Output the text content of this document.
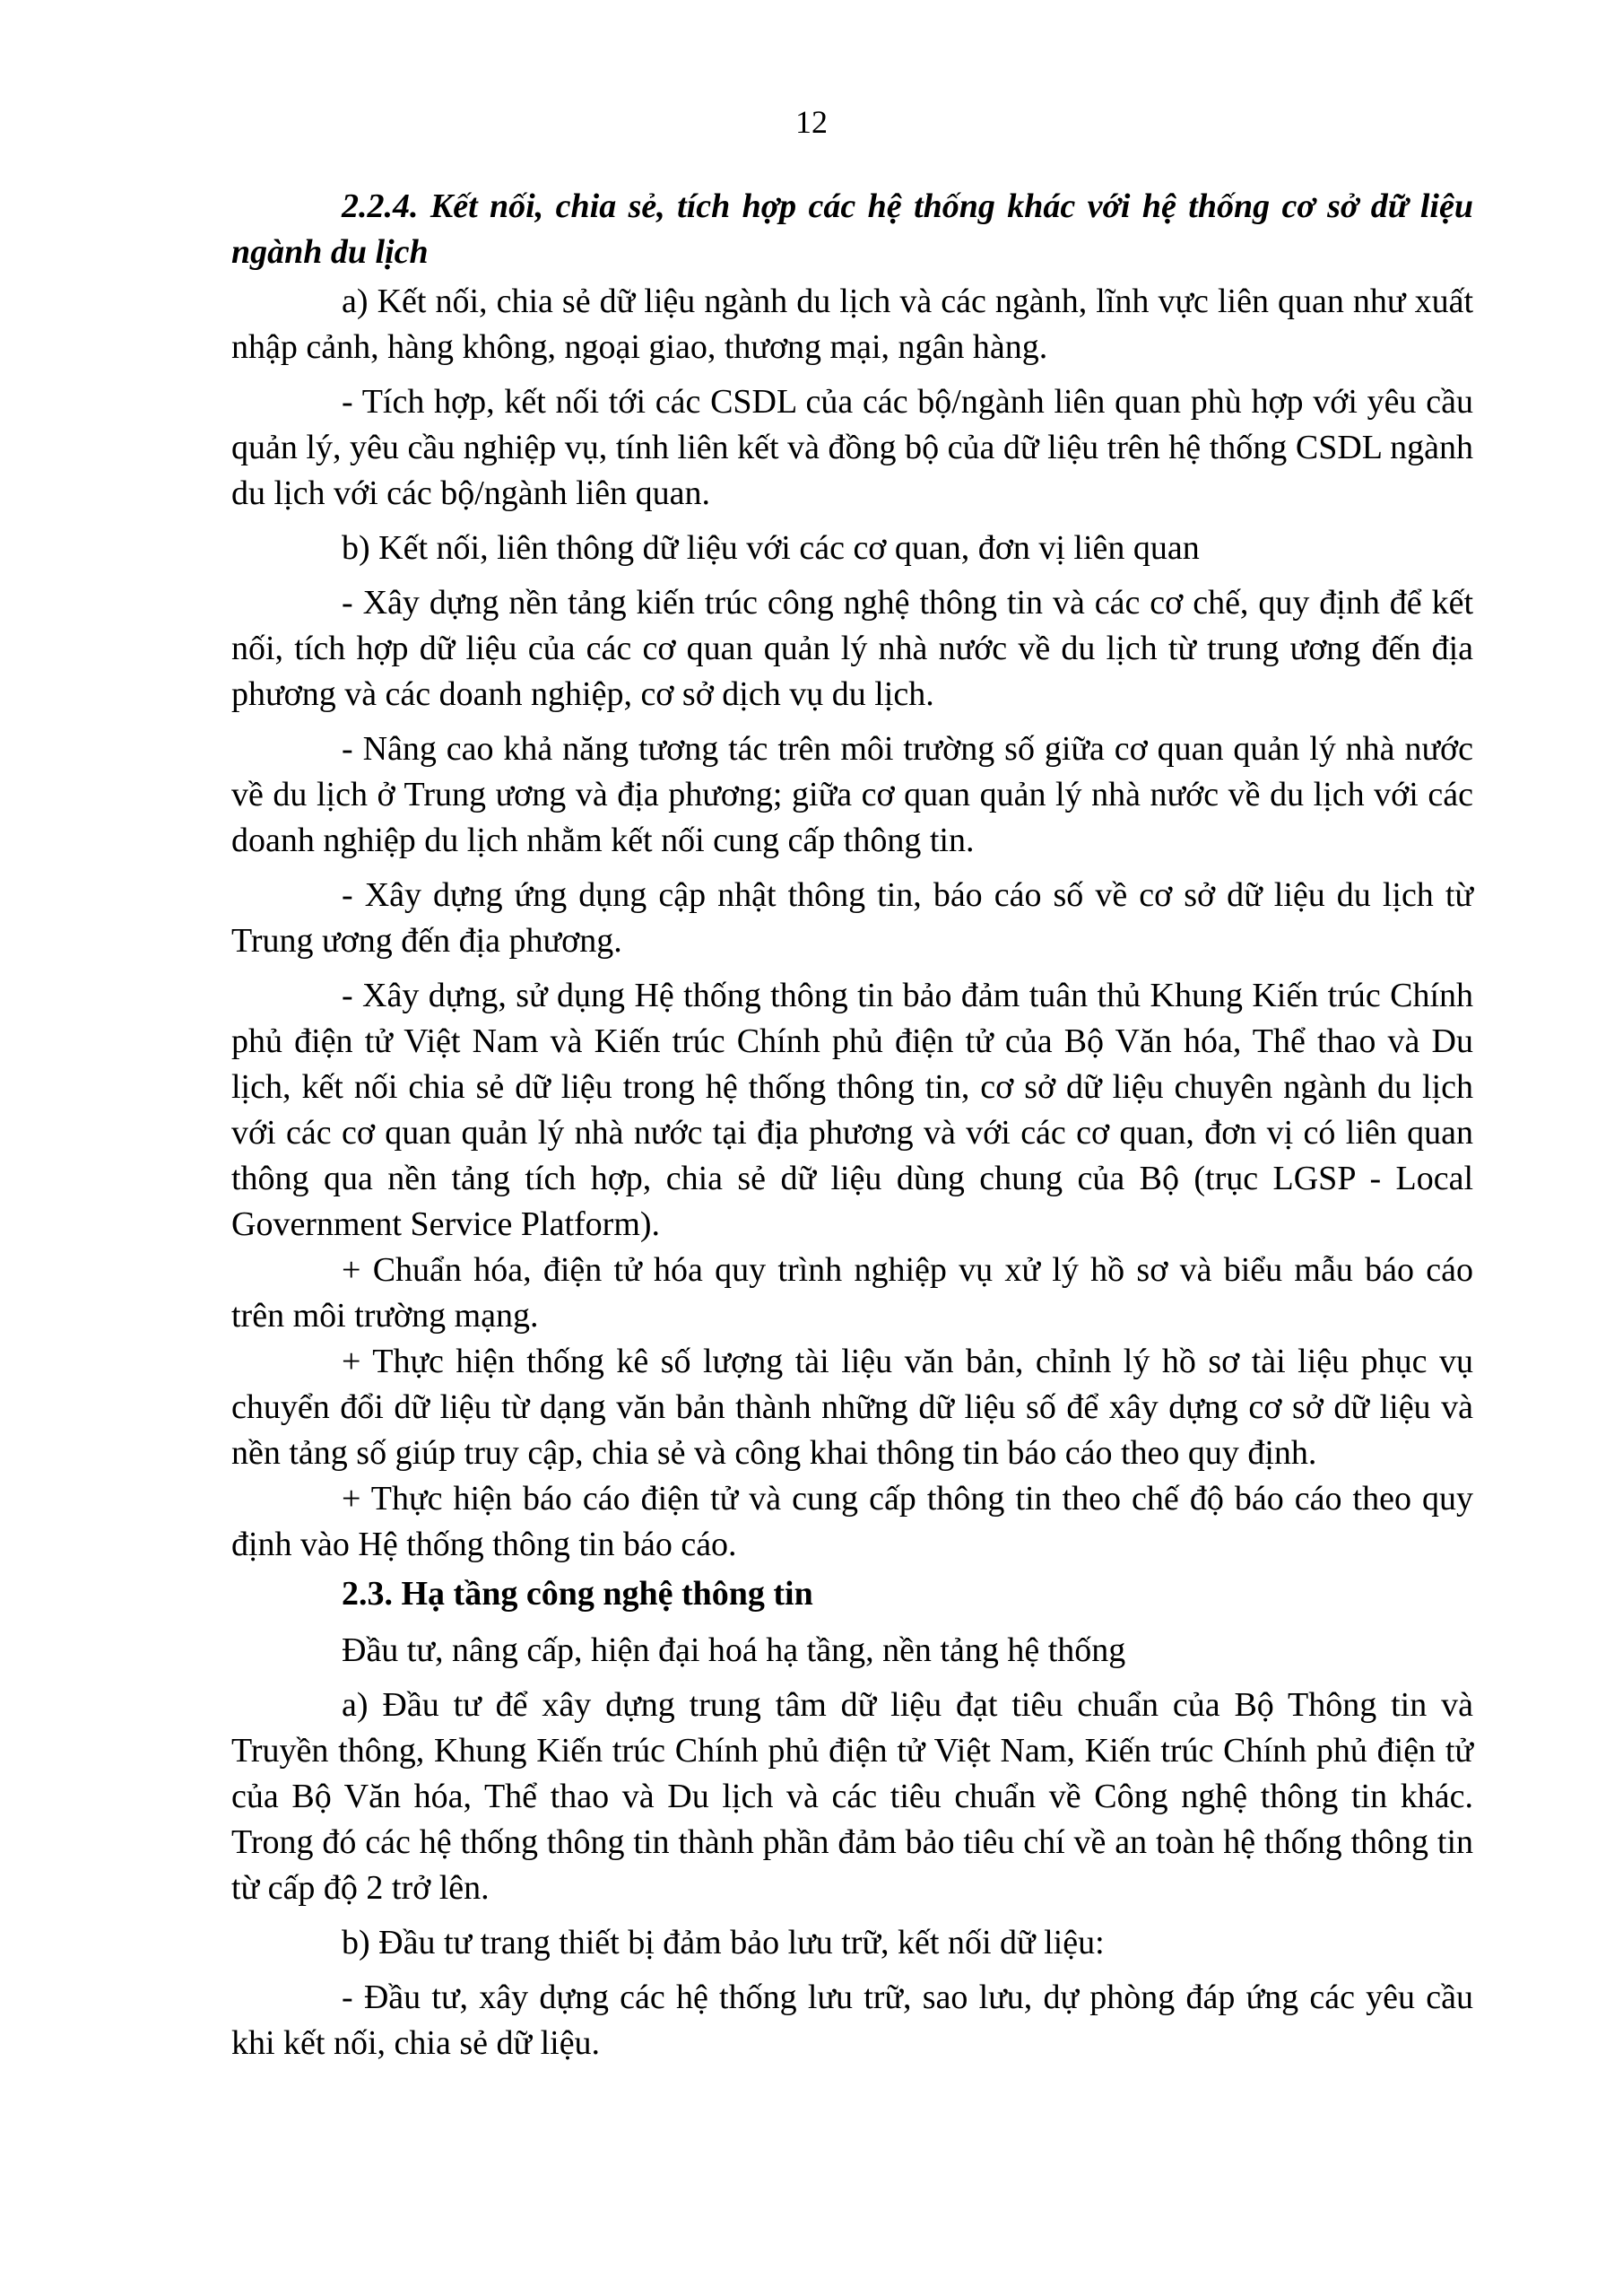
12

2.2.4. Kết nối, chia sẻ, tích hợp các hệ thống khác với hệ thống cơ sở dữ liệu ngành du lịch

a) Kết nối, chia sẻ dữ liệu ngành du lịch và các ngành, lĩnh vực liên quan như xuất nhập cảnh, hàng không, ngoại giao, thương mại, ngân hàng.

- Tích hợp, kết nối tới các CSDL của các bộ/ngành liên quan phù hợp với yêu cầu quản lý, yêu cầu nghiệp vụ, tính liên kết và đồng bộ của dữ liệu trên hệ thống CSDL ngành du lịch với các bộ/ngành liên quan.

b) Kết nối, liên thông dữ liệu với các cơ quan, đơn vị liên quan

- Xây dựng nền tảng kiến trúc công nghệ thông tin và các cơ chế, quy định để kết nối, tích hợp dữ liệu của các cơ quan quản lý nhà nước về du lịch từ trung ương đến địa phương và các doanh nghiệp, cơ sở dịch vụ du lịch.

- Nâng cao khả năng tương tác trên môi trường số giữa cơ quan quản lý nhà nước về du lịch ở Trung ương và địa phương; giữa cơ quan quản lý nhà nước về du lịch với các doanh nghiệp du lịch nhằm kết nối cung cấp thông tin.

- Xây dựng ứng dụng cập nhật thông tin, báo cáo số về cơ sở dữ liệu du lịch từ Trung ương đến địa phương.

- Xây dựng, sử dụng Hệ thống thông tin bảo đảm tuân thủ Khung Kiến trúc Chính phủ điện tử Việt Nam và Kiến trúc Chính phủ điện tử của Bộ Văn hóa, Thể thao và Du lịch, kết nối chia sẻ dữ liệu trong hệ thống thông tin, cơ sở dữ liệu chuyên ngành du lịch với các cơ quan quản lý nhà nước tại địa phương và với các cơ quan, đơn vị có liên quan thông qua nền tảng tích hợp, chia sẻ dữ liệu dùng chung của Bộ (trục LGSP - Local Government Service Platform).

+ Chuẩn hóa, điện tử hóa quy trình nghiệp vụ xử lý hồ sơ và biểu mẫu báo cáo trên môi trường mạng.

+ Thực hiện thống kê số lượng tài liệu văn bản, chỉnh lý hồ sơ tài liệu phục vụ chuyển đổi dữ liệu từ dạng văn bản thành những dữ liệu số để xây dựng cơ sở dữ liệu và nền tảng số giúp truy cập, chia sẻ và công khai thông tin báo cáo theo quy định.

+ Thực hiện báo cáo điện tử và cung cấp thông tin theo chế độ báo cáo theo quy định vào Hệ thống thông tin báo cáo.

2.3. Hạ tầng công nghệ thông tin

Đầu tư, nâng cấp, hiện đại hoá hạ tầng, nền tảng hệ thống

a) Đầu tư để xây dựng trung tâm dữ liệu đạt tiêu chuẩn của Bộ Thông tin và Truyền thông, Khung Kiến trúc Chính phủ điện tử Việt Nam, Kiến trúc Chính phủ điện tử của Bộ Văn hóa, Thể thao và Du lịch và các tiêu chuẩn về Công nghệ thông tin khác. Trong đó các hệ thống thông tin thành phần đảm bảo tiêu chí về an toàn hệ thống thông tin từ cấp độ 2 trở lên.

b) Đầu tư trang thiết bị đảm bảo lưu trữ, kết nối dữ liệu:

- Đầu tư, xây dựng các hệ thống lưu trữ, sao lưu, dự phòng đáp ứng các yêu cầu khi kết nối, chia sẻ dữ liệu.
